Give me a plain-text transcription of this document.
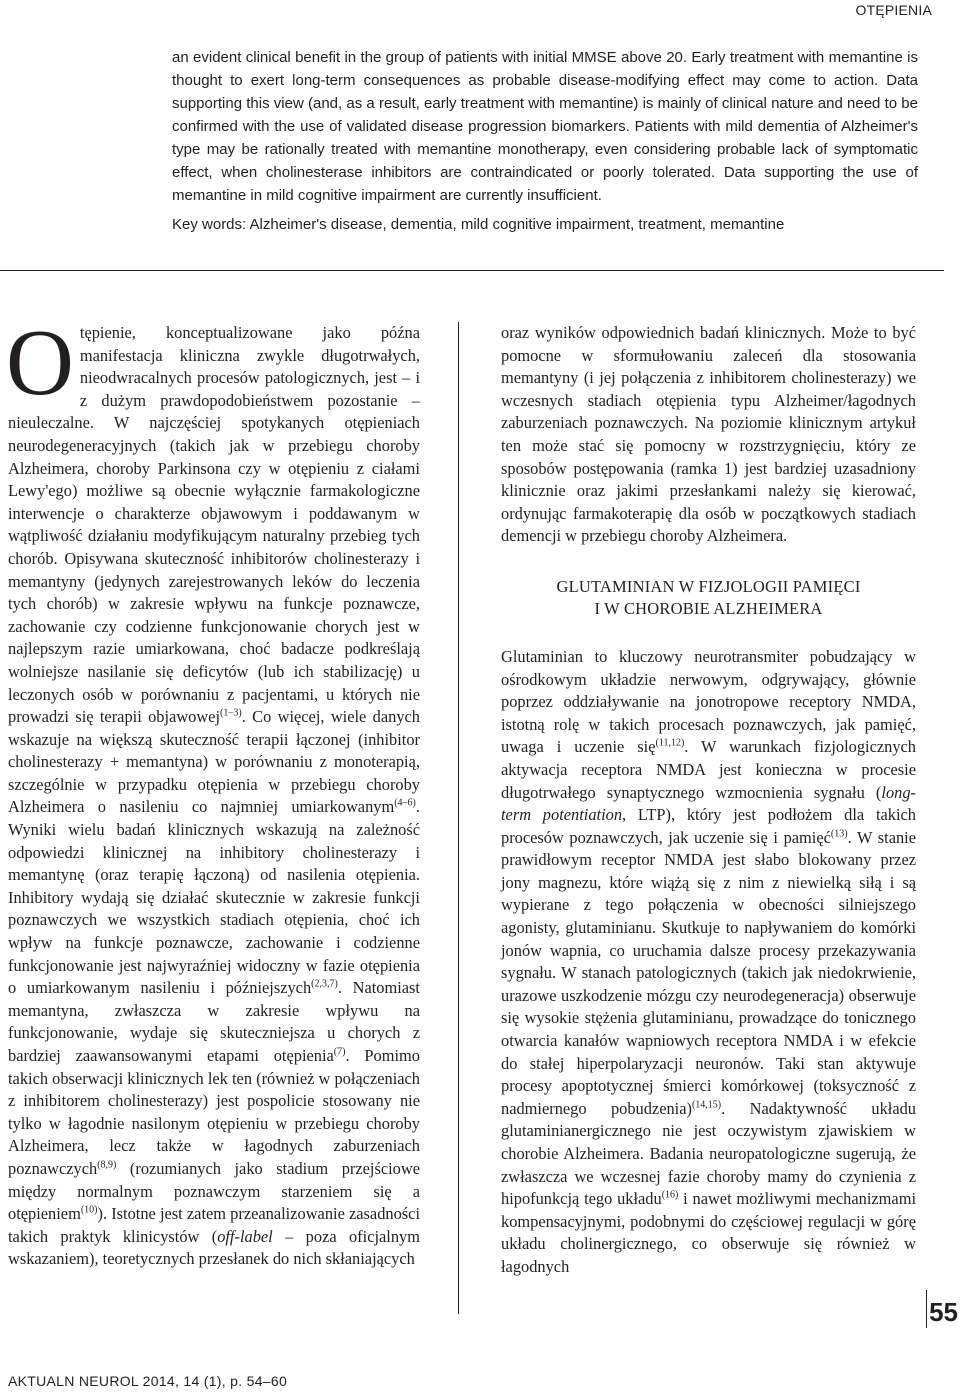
OTĘPIENIA

an evident clinical benefit in the group of patients with initial MMSE above 20. Early treatment with memantine is thought to exert long-term consequences as probable disease-modifying effect may come to action. Data supporting this view (and, as a result, early treatment with memantine) is mainly of clinical nature and need to be confirmed with the use of validated disease progression biomarkers. Patients with mild dementia of Alzheimer's type may be rationally treated with memantine monotherapy, even considering probable lack of symptomatic effect, when cholinesterase inhibitors are contraindicated or poorly tolerated. Data supporting the use of memantine in mild cognitive impairment are currently insufficient.

Key words: Alzheimer's disease, dementia, mild cognitive impairment, treatment, memantine

Otępienie, konceptualizowane jako późna manifestacja kliniczna zwykle długotrwałych, nieodwracalnych procesów patologicznych, jest – i z dużym prawdopodobieństwem pozostanie – nieuleczalne. W najczęściej spotykanych otępieniach neurodegeneracyjnych (takich jak w przebiegu choroby Alzheimera, choroby Parkinsona czy w otępieniu z ciałami Lewy'ego) możliwe są obecnie wyłącznie farmakologiczne interwencje o charakterze objawowym i poddawanym w wątpliwość działaniu modyfikującym naturalny przebieg tych chorób. Opisywana skuteczność inhibitorów cholinesterazy i memantyny (jedynych zarejestrowanych leków do leczenia tych chorób) w zakresie wpływu na funkcje poznawcze, zachowanie czy codzienne funkcjonowanie chorych jest w najlepszym razie umiarkowana, choć badacze podkreślają wolniejsze nasilanie się deficytów (lub ich stabilizację) u leczonych osób w porównaniu z pacjentami, u których nie prowadzi się terapii objawowej$^{(1-3)}$. Co więcej, wiele danych wskazuje na większą skuteczność terapii łączonej (inhibitor cholinesterazy + memantyna) w porównaniu z monoterapią, szczególnie w przypadku otępienia w przebiegu choroby Alzheimera o nasileniu co najmniej umiarkowanym$^{(4-6)}$. Wyniki wielu badań klinicznych wskazują na zależność odpowiedzi klinicznej na inhibitory cholinesterazy i memantynę (oraz terapię łączoną) od nasilenia otępienia. Inhibitory wydają się działać skutecznie w zakresie funkcji poznawczych we wszystkich stadiach otępienia, choć ich wpływ na funkcje poznawcze, zachowanie i codzienne funkcjonowanie jest najwyraźniej widoczny w fazie otępienia o umiarkowanym nasileniu i późniejszych$^{(2,3,7)}$. Natomiast memantyna, zwłaszcza w zakresie wpływu na funkcjonowanie, wydaje się skuteczniejsza u chorych z bardziej zaawansowanymi etapami otępienia$^{(7)}$. Pomimo takich obserwacji klinicznych lek ten (również w połączeniach z inhibitorem cholinesterazy) jest pospolicie stosowany nie tylko w łagodnie nasilonym otępieniu w przebiegu choroby Alzheimera, lecz także w łagodnych zaburzeniach poznawczych$^{(8,9)}$ (rozumianych jako stadium przejściowe między normalnym poznawczym starzeniem się a otępieniem$^{(10)}$). Istotne jest zatem przeanalizowanie zasadności takich praktyk klinicystów (off-label – poza oficjalnym wskazaniem), teoretycznych przesłanek do nich skłaniających

oraz wyników odpowiednich badań klinicznych. Może to być pomocne w sformułowaniu zaleceń dla stosowania memantyny (i jej połączenia z inhibitorem cholinesterazy) we wczesnych stadiach otępienia typu Alzheimer/łagodnych zaburzeniach poznawczych. Na poziomie klinicznym artykuł ten może stać się pomocny w rozstrzygnięciu, który ze sposobów postępowania (ramka 1) jest bardziej uzasadniony klinicznie oraz jakimi przesłankami należy się kierować, ordynując farmakoterapię dla osób w początkowych stadiach demencji w przebiegu choroby Alzheimera.

GLUTAMINIAN W FIZJOLOGII PAMIĘCI
I W CHOROBIE ALZHEIMERA

Glutaminian to kluczowy neurotransmiter pobudzający w ośrodkowym układzie nerwowym, odgrywający, głównie poprzez oddziaływanie na jonotropowe receptory NMDA, istotną rolę w takich procesach poznawczych, jak pamięć, uwaga i uczenie się$^{(11,12)}$. W warunkach fizjologicznych aktywacja receptora NMDA jest konieczna w procesie długotrwałego synaptycznego wzmocnienia sygnału (long-term potentiation, LTP), który jest podłożem dla takich procesów poznawczych, jak uczenie się i pamięć$^{(13)}$. W stanie prawidłowym receptor NMDA jest słabo blokowany przez jony magnezu, które wiążą się z nim z niewielką siłą i są wypierane z tego połączenia w obecności silniejszego agonisty, glutaminianu. Skutkuje to napływaniem do komórki jonów wapnia, co uruchamia dalsze procesy przekazywania sygnału. W stanach patologicznych (takich jak niedokrwienie, urazowe uszkodzenie mózgu czy neurodegeneracja) obserwuje się wysokie stężenia glutaminianu, prowadzące do tonicznego otwarcia kanałów wapniowych receptora NMDA i w efekcie do stałej hiperpolaryzacji neuronów. Taki stan aktywuje procesy apoptotycznej śmierci komórkowej (toksyczność z nadmiernego pobudzenia)$^{(14,15)}$. Nadaktywność układu glutaminianergicznego nie jest oczywistym zjawiskiem w chorobie Alzheimera. Badania neuropatologiczne sugerują, że zwłaszcza we wczesnej fazie choroby mamy do czynienia z hipofunkcją tego układu$^{(16)}$ i nawet możliwymi mechanizmami kompensacyjnymi, podobnymi do częściowej regulacji w górę układu cholinergicznego, co obserwuje się również w łagodnych

55
AKTUALN NEUROL 2014, 14 (1), p. 54–60
